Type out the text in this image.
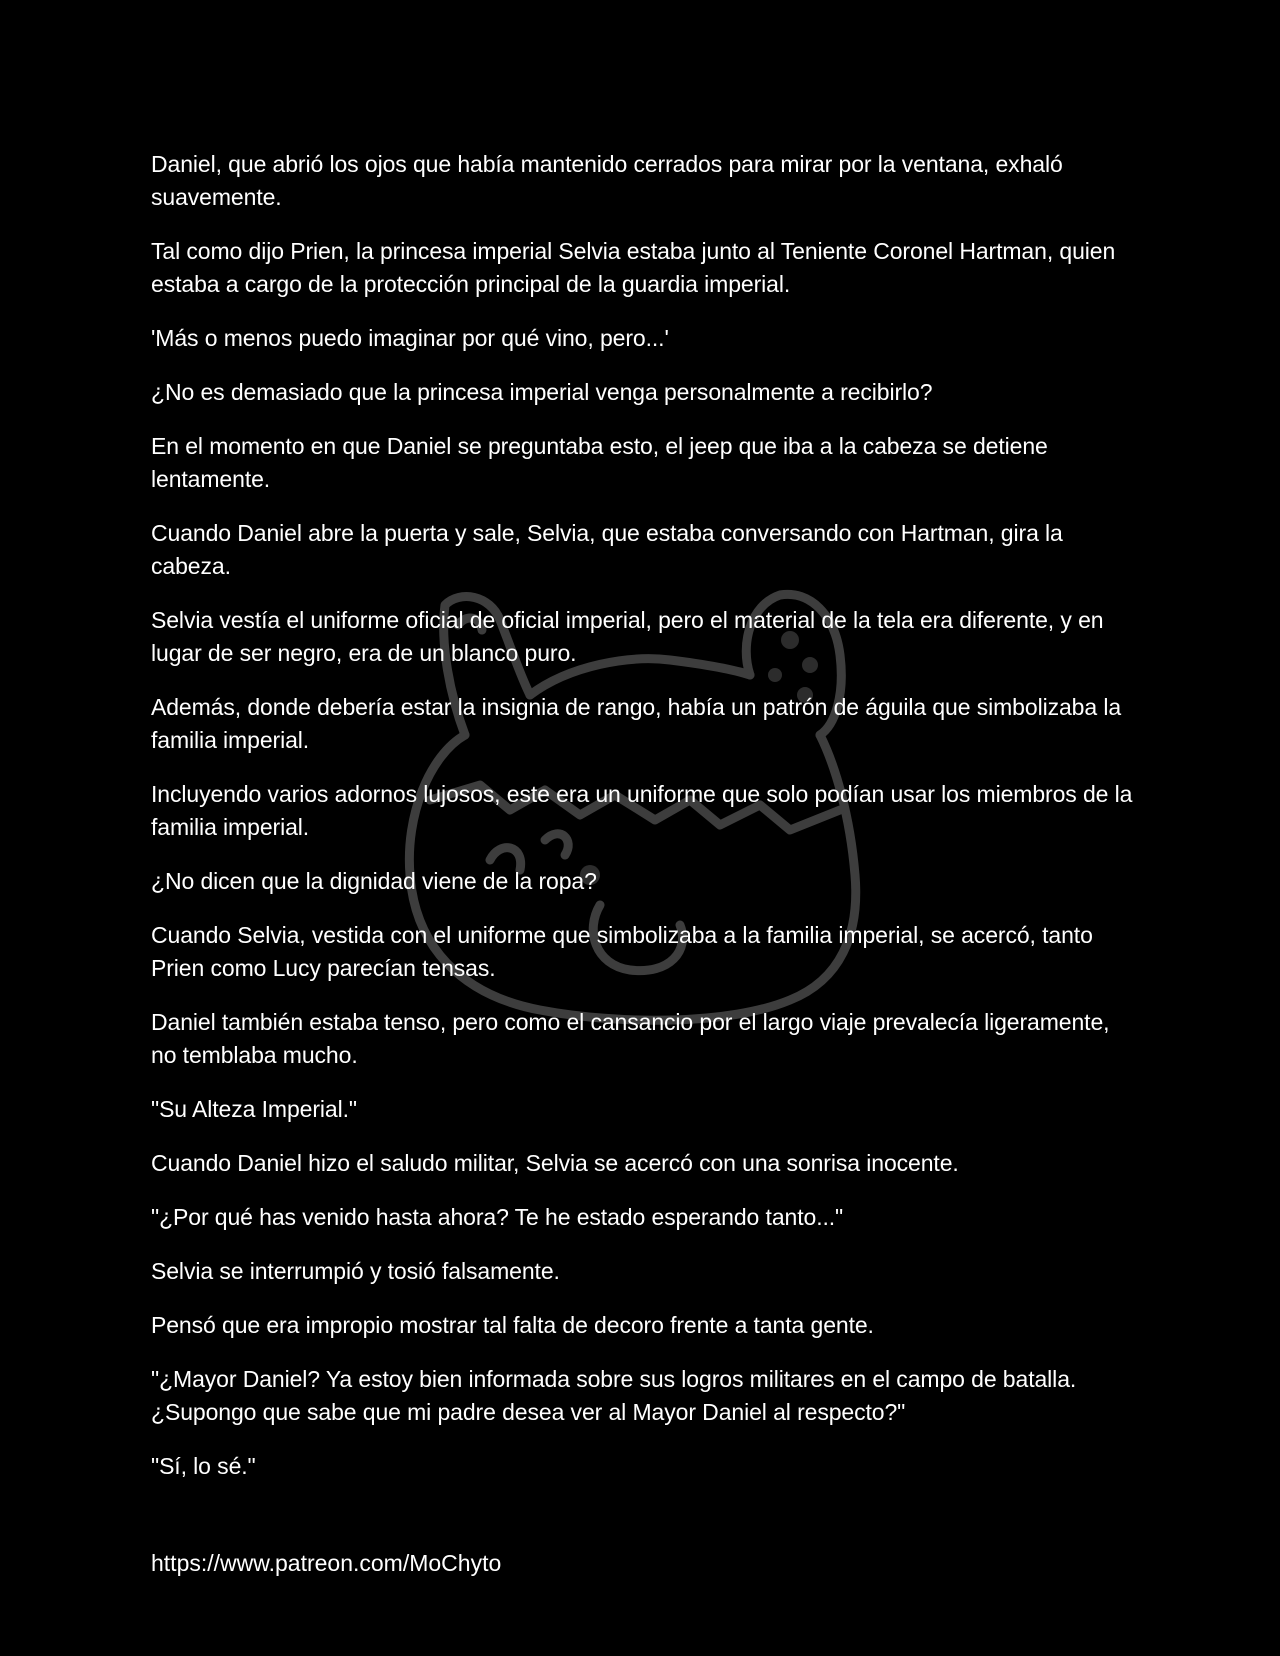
Daniel, que abrió los ojos que había mantenido cerrados para mirar por la ventana, exhaló suavemente.

Tal como dijo Prien, la princesa imperial Selvia estaba junto al Teniente Coronel Hartman, quien estaba a cargo de la protección principal de la guardia imperial.

'Más o menos puedo imaginar por qué vino, pero...'

¿No es demasiado que la princesa imperial venga personalmente a recibirlo?

En el momento en que Daniel se preguntaba esto, el jeep que iba a la cabeza se detiene lentamente.

Cuando Daniel abre la puerta y sale, Selvia, que estaba conversando con Hartman, gira la cabeza.

Selvia vestía el uniforme oficial de oficial imperial, pero el material de la tela era diferente, y en lugar de ser negro, era de un blanco puro.

Además, donde debería estar la insignia de rango, había un patrón de águila que simbolizaba la familia imperial.

Incluyendo varios adornos lujosos, este era un uniforme que solo podían usar los miembros de la familia imperial.

¿No dicen que la dignidad viene de la ropa?

Cuando Selvia, vestida con el uniforme que simbolizaba a la familia imperial, se acercó, tanto Prien como Lucy parecían tensas.

Daniel también estaba tenso, pero como el cansancio por el largo viaje prevalecía ligeramente, no temblaba mucho.

"Su Alteza Imperial."

Cuando Daniel hizo el saludo militar, Selvia se acercó con una sonrisa inocente.

"¿Por qué has venido hasta ahora? Te he estado esperando tanto..."

Selvia se interrumpió y tosió falsamente.

Pensó que era impropio mostrar tal falta de decoro frente a tanta gente.

"¿Mayor Daniel? Ya estoy bien informada sobre sus logros militares en el campo de batalla. ¿Supongo que sabe que mi padre desea ver al Mayor Daniel al respecto?"

"Sí, lo sé."

https://www.patreon.com/MoChyto
